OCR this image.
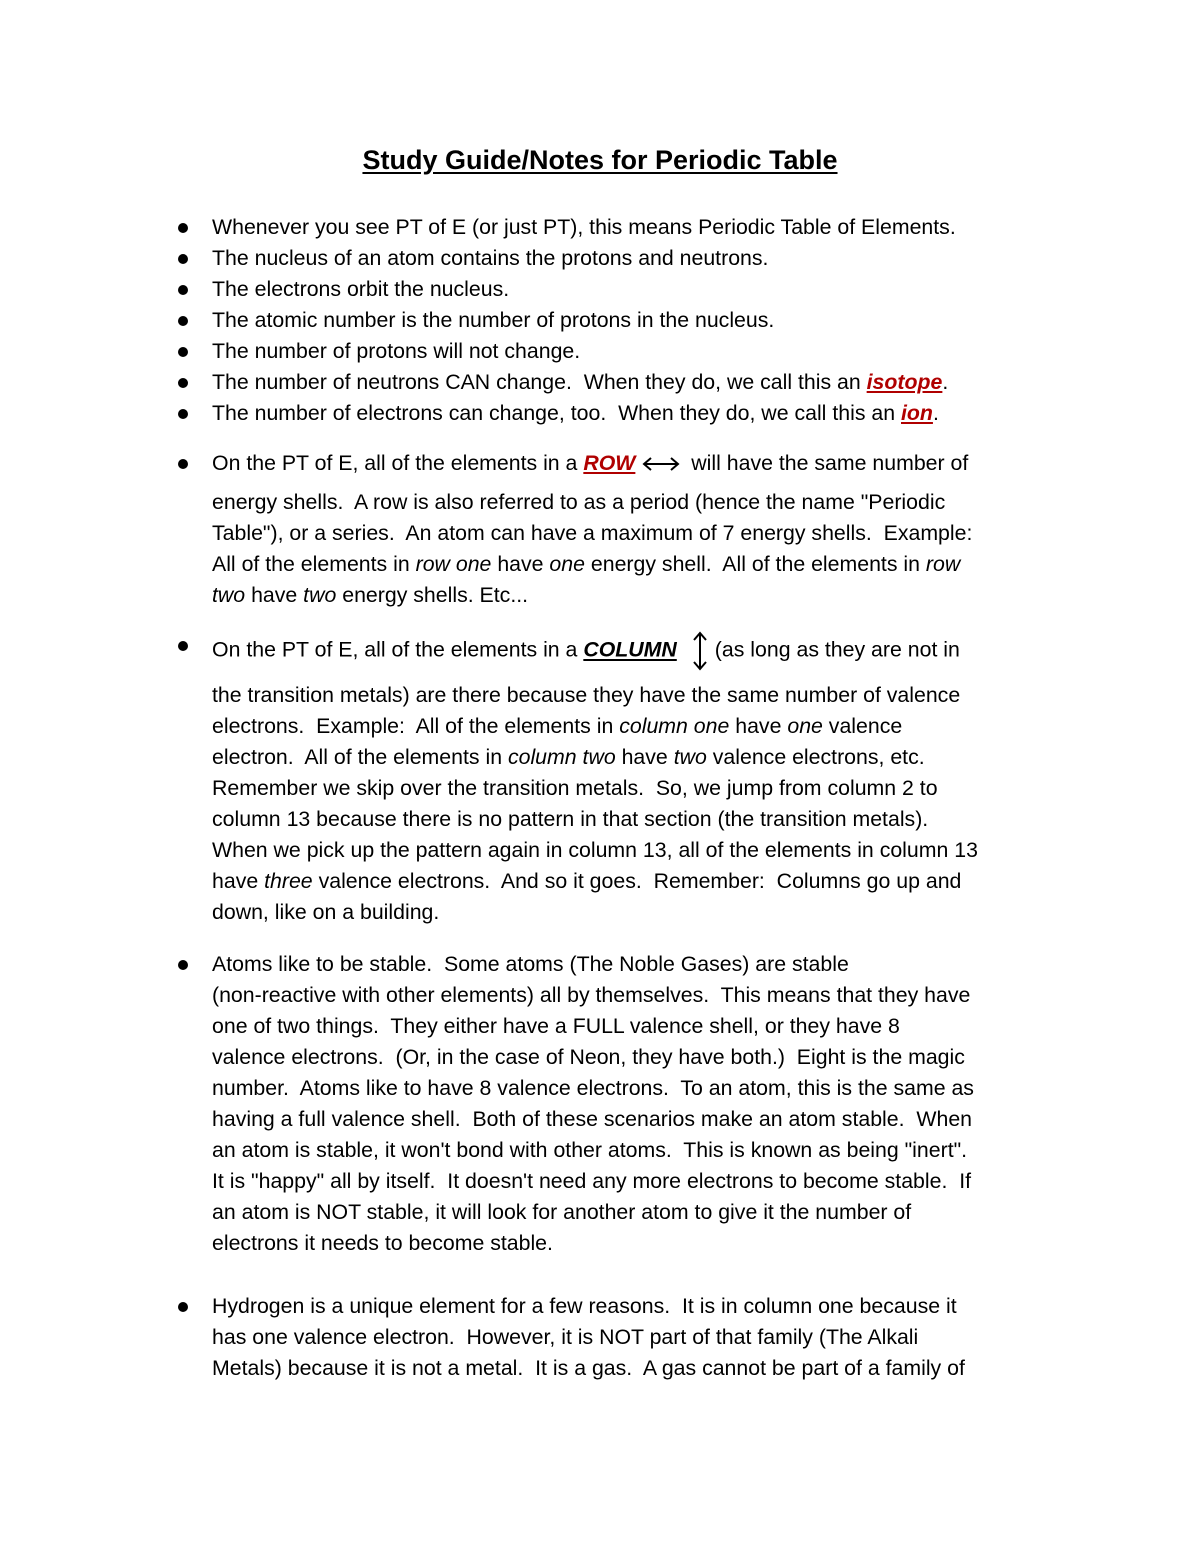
Study Guide/Notes for Periodic Table
Whenever you see PT of E (or just PT), this means Periodic Table of Elements.
The nucleus of an atom contains the protons and neutrons.
The electrons orbit the nucleus.
The atomic number is the number of protons in the nucleus.
The number of protons will not change.
The number of neutrons CAN change.  When they do, we call this an isotope.
The number of electrons can change, too.  When they do, we call this an ion.
On the PT of E, all of the elements in a ROW will have the same number of
energy shells.  A row is also referred to as a period (hence the name "Periodic
Table"), or a series.  An atom can have a maximum of 7 energy shells.  Example:
All of the elements in row one have one energy shell.  All of the elements in row
two have two energy shells. Etc...
On the PT of E, all of the elements in a COLUMN (as long as they are not in
the transition metals) are there because they have the same number of valence
electrons.  Example:  All of the elements in column one have one valence
electron.  All of the elements in column two have two valence electrons, etc.
Remember we skip over the transition metals.  So, we jump from column 2 to
column 13 because there is no pattern in that section (the transition metals).
When we pick up the pattern again in column 13, all of the elements in column 13
have three valence electrons.  And so it goes.  Remember:  Columns go up and
down, like on a building.
Atoms like to be stable.  Some atoms (The Noble Gases) are stable
(non-reactive with other elements) all by themselves.  This means that they have
one of two things.  They either have a FULL valence shell, or they have 8
valence electrons.  (Or, in the case of Neon, they have both.)  Eight is the magic
number.  Atoms like to have 8 valence electrons.  To an atom, this is the same as
having a full valence shell.  Both of these scenarios make an atom stable.  When
an atom is stable, it won't bond with other atoms.  This is known as being "inert".
It is "happy" all by itself.  It doesn't need any more electrons to become stable.  If
an atom is NOT stable, it will look for another atom to give it the number of
electrons it needs to become stable.
Hydrogen is a unique element for a few reasons.  It is in column one because it
has one valence electron.  However, it is NOT part of that family (The Alkali
Metals) because it is not a metal.  It is a gas.  A gas cannot be part of a family of
